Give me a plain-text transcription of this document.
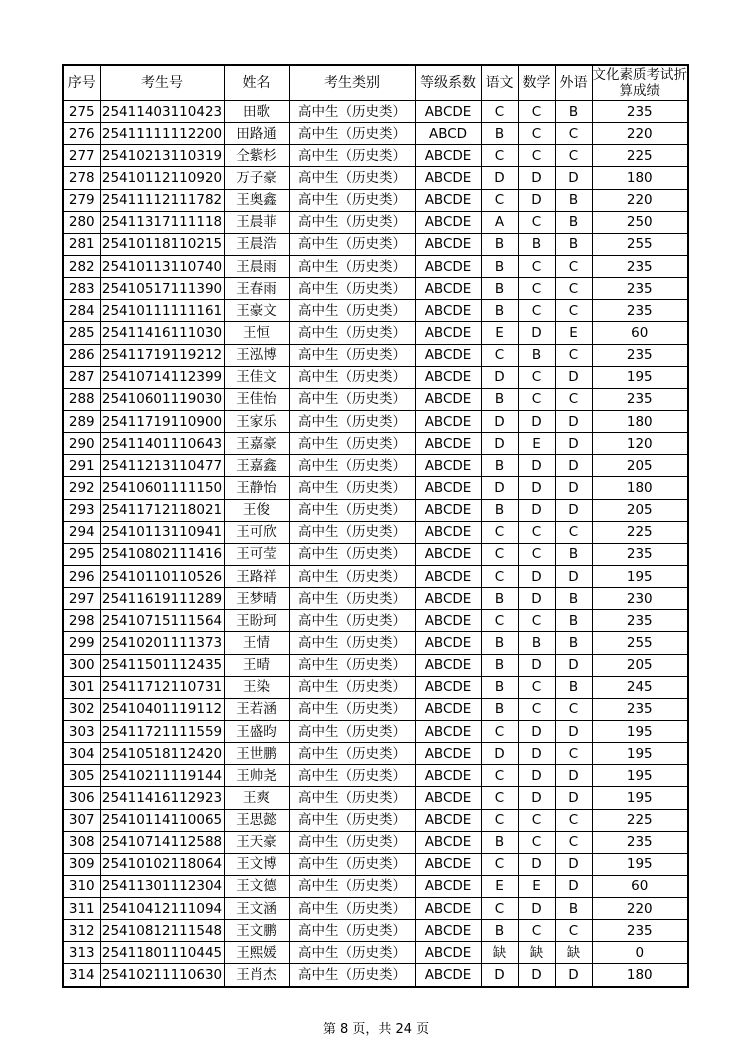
序号	考生号	姓名	考生类别	等级系数	语文	数学	外语	文化素质考试折算成绩
275	25411403110423	田歌	高中生（历史类）	ABCDE	C	C	B	235
276	25411111112200	田路通	高中生（历史类）	ABCD	B	C	C	220
277	25410213110319	仝紫杉	高中生（历史类）	ABCDE	C	C	C	225
278	25410112110920	万子豪	高中生（历史类）	ABCDE	D	D	D	180
279	25411112111782	王奥鑫	高中生（历史类）	ABCDE	C	D	B	220
280	25411317111118	王晨菲	高中生（历史类）	ABCDE	A	C	B	250
281	25410118110215	王晨浩	高中生（历史类）	ABCDE	B	B	B	255
282	25410113110740	王晨雨	高中生（历史类）	ABCDE	B	C	C	235
283	25410517111390	王春雨	高中生（历史类）	ABCDE	B	C	C	235
284	25410111111161	王豪文	高中生（历史类）	ABCDE	B	C	C	235
285	25411416111030	王恒	高中生（历史类）	ABCDE	E	D	E	60
286	25411719119212	王泓博	高中生（历史类）	ABCDE	C	B	C	235
287	25410714112399	王佳文	高中生（历史类）	ABCDE	D	C	D	195
288	25410601119030	王佳怡	高中生（历史类）	ABCDE	B	C	C	235
289	25411719110900	王家乐	高中生（历史类）	ABCDE	D	D	D	180
290	25411401110643	王嘉豪	高中生（历史类）	ABCDE	D	E	D	120
291	25411213110477	王嘉鑫	高中生（历史类）	ABCDE	B	D	D	205
292	25410601111150	王静怡	高中生（历史类）	ABCDE	D	D	D	180
293	25411712118021	王俊	高中生（历史类）	ABCDE	B	D	D	205
294	25410113110941	王可欣	高中生（历史类）	ABCDE	C	C	C	225
295	25410802111416	王可莹	高中生（历史类）	ABCDE	C	C	B	235
296	25410110110526	王路祥	高中生（历史类）	ABCDE	C	D	D	195
297	25411619111289	王梦晴	高中生（历史类）	ABCDE	B	D	B	230
298	25410715111564	王盼珂	高中生（历史类）	ABCDE	C	C	B	235
299	25410201111373	王情	高中生（历史类）	ABCDE	B	B	B	255
300	25411501112435	王晴	高中生（历史类）	ABCDE	B	D	D	205
301	25411712110731	王染	高中生（历史类）	ABCDE	B	C	B	245
302	25410401119112	王若涵	高中生（历史类）	ABCDE	B	C	C	235
303	25411721111559	王盛昀	高中生（历史类）	ABCDE	C	D	D	195
304	25410518112420	王世鹏	高中生（历史类）	ABCDE	D	D	C	195
305	25410211119144	王帅尧	高中生（历史类）	ABCDE	C	D	D	195
306	25411416112923	王爽	高中生（历史类）	ABCDE	C	D	D	195
307	25410114110065	王思懿	高中生（历史类）	ABCDE	C	C	C	225
308	25410714112588	王天豪	高中生（历史类）	ABCDE	B	C	C	235
309	25410102118064	王文博	高中生（历史类）	ABCDE	C	D	D	195
310	25411301112304	王文德	高中生（历史类）	ABCDE	E	E	D	60
311	25410412111094	王文涵	高中生（历史类）	ABCDE	C	D	B	220
312	25410812111548	王文鹏	高中生（历史类）	ABCDE	B	C	C	235
313	25411801110445	王熙媛	高中生（历史类）	ABCDE	缺	缺	缺	0
314	25410211110630	王肖杰	高中生（历史类）	ABCDE	D	D	D	180
第 8 页，共 24 页
